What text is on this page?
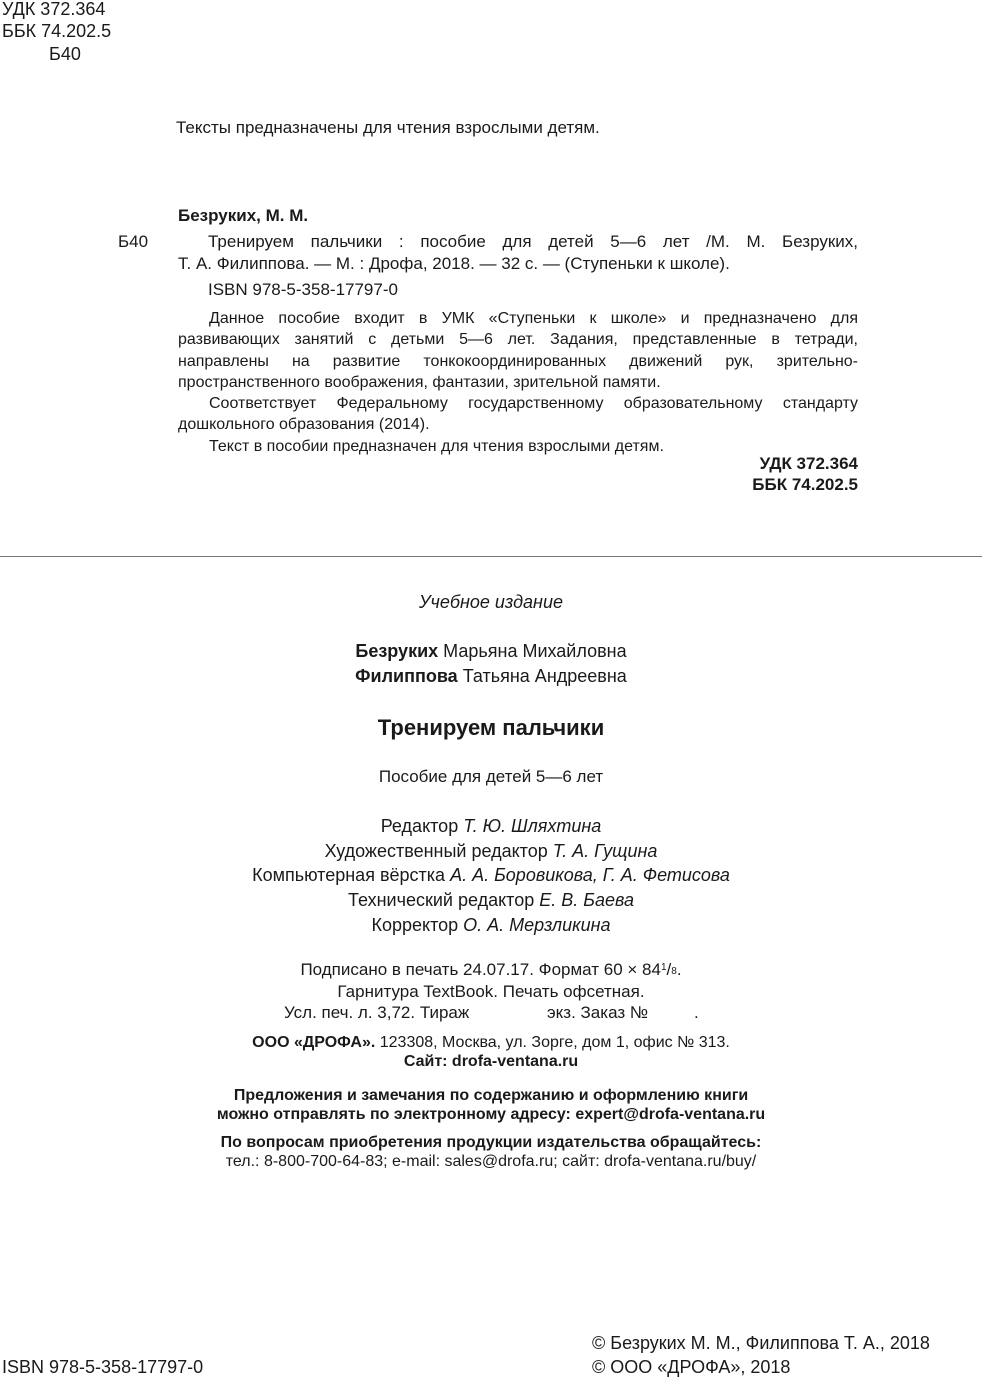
УДК 372.364
ББК 74.202.5
Б40
Тексты предназначены для чтения взрослыми детям.
Безруких, М. М.
Б40	Тренируем пальчики : пособие для детей 5—6 лет /М. М. Безруких,
Т. А. Филиппова. — М. : Дрофа, 2018. — 32 с. — (Ступеньки к школе).
ISBN 978-5-358-17797-0

Данное пособие входит в УМК «Ступеньки к школе» и предназначено для развивающих занятий с детьми 5—6 лет. Задания, представленные в тетради, направлены на развитие тонкокоординированных движений рук, зрительно-пространственного воображения, фантазии, зрительной памяти.

Соответствует Федеральному государственному образовательному стандарту дошкольного образования (2014).

Текст в пособии предназначен для чтения взрослыми детям.

УДК 372.364
ББК 74.202.5
Учебное издание
Безруких Марьяна Михайловна
Филиппова Татьяна Андреевна
Тренируем пальчики
Пособие для детей 5—6 лет
Редактор Т. Ю. Шляхтина
Художественный редактор Т. А. Гущина
Компьютерная вёрстка А. А. Боровикова, Г. А. Фетисова
Технический редактор Е. В. Баева
Корректор О. А. Мерзликина
Подписано в печать 24.07.17. Формат $60 \times 84^1/8$.
Гарнитура TextBook. Печать офсетная.
Усл. печ. л. 3,72. Тираж	экз. Заказ №	.
ООО «ДРОФА». 123308, Москва, ул. Зорге, дом 1, офис № 313.
Сайт: drofa-ventana.ru
Предложения и замечания по содержанию и оформлению книги
можно отправлять по электронному адресу: expert@drofa-ventana.ru
По вопросам приобретения продукции издательства обращайтесь:
тел.: 8-800-700-64-83; e-mail: sales@drofa.ru; сайт: drofa-ventana.ru/buy/
ISBN 978-5-358-17797-0
© Безруких М. М., Филиппова Т. А., 2018
© ООО «ДРОФА», 2018
